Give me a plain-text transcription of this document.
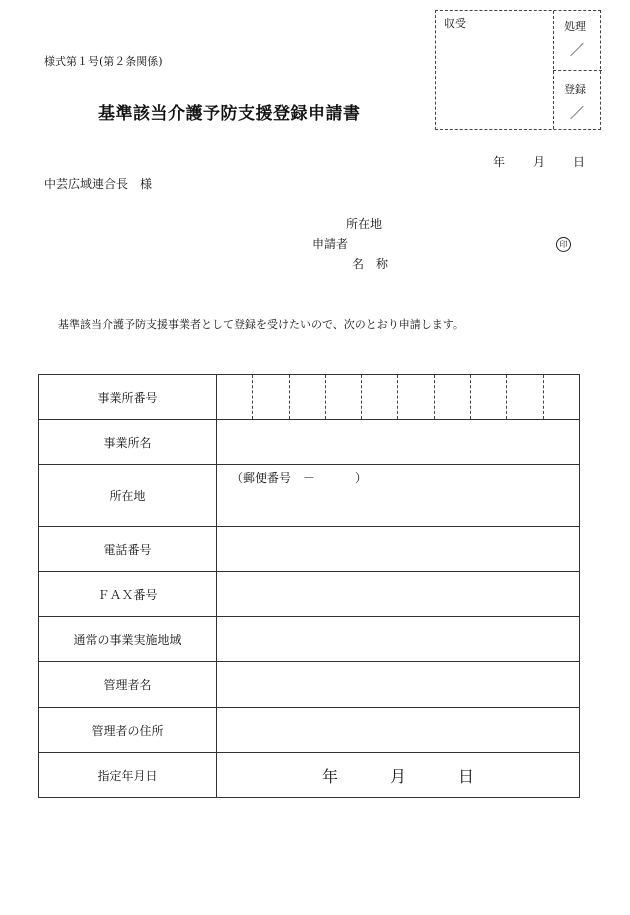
様式第１号(第２条関係)
基準該当介護予防支援登録申請書
収受	処理
／
登録
／
年 月 日
中芸広域連合長　様
所在地
申請者
名　称
印
基準該当介護予防支援事業者として登録を受けたいので、次のとおり申請します。
事業所番号	

事業所名	
所在地	（郵便番号 － ）

電話番号	
ＦＡＸ番号	
通常の事業実施地域	
管理者名	
管理者の住所	
指定年月日	年 月 日
